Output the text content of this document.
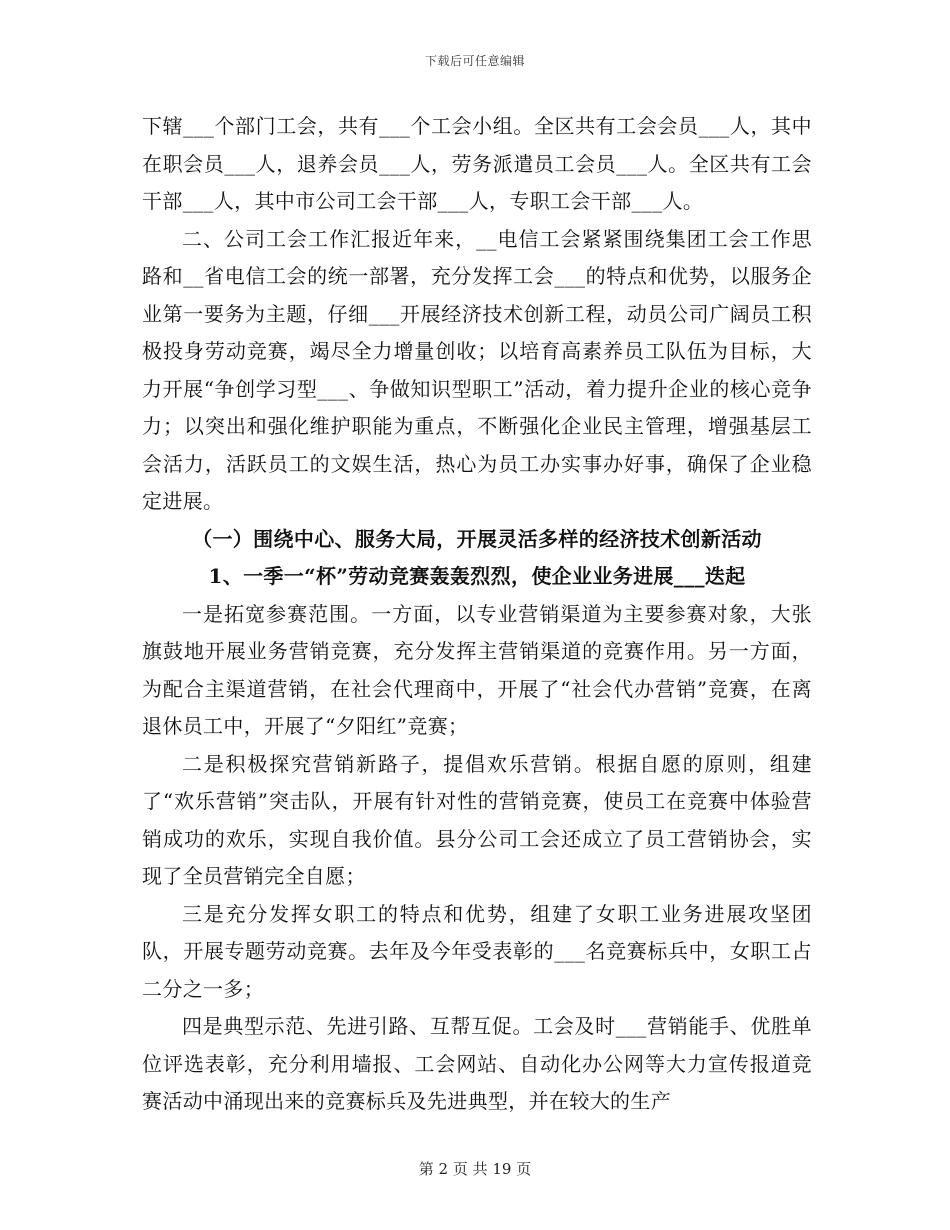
下载后可任意编辑

下辖___个部门工会，共有___个工会小组。全区共有工会会员___人，其中在职会员___人，退养会员___人，劳务派遣员工会员___人。全区共有工会干部___人，其中市公司工会干部___人，专职工会干部___人。

二、公司工会工作汇报近年来，__电信工会紧紧围绕集团工会工作思路和__省电信工会的统一部署，充分发挥工会___的特点和优势，以服务企业第一要务为主题，仔细___开展经济技术创新工程，动员公司广阔员工积极投身劳动竞赛，竭尽全力增量创收；以培育高素养员工队伍为目标，大力开展“争创学习型___、争做知识型职工”活动，着力提升企业的核心竞争力；以突出和强化维护职能为重点，不断强化企业民主管理，增强基层工会活力，活跃员工的文娱生活，热心为员工办实事办好事，确保了企业稳定进展。

（一）围绕中心、服务大局，开展灵活多样的经济技术创新活动

1、一季一“杯”劳动竞赛轰轰烈烈，使企业业务进展___迭起

一是拓宽参赛范围。一方面，以专业营销渠道为主要参赛对象，大张旗鼓地开展业务营销竞赛，充分发挥主营销渠道的竞赛作用。另一方面，为配合主渠道营销，在社会代理商中，开展了“社会代办营销”竞赛，在离退休员工中，开展了“夕阳红”竞赛；

二是积极探究营销新路子，提倡欢乐营销。根据自愿的原则，组建了“欢乐营销”突击队，开展有针对性的营销竞赛，使员工在竞赛中体验营销成功的欢乐，实现自我价值。县分公司工会还成立了员工营销协会，实现了全员营销完全自愿；

三是充分发挥女职工的特点和优势，组建了女职工业务进展攻坚团队，开展专题劳动竞赛。去年及今年受表彰的___名竞赛标兵中，女职工占二分之一多；

四是典型示范、先进引路、互帮互促。工会及时___营销能手、优胜单位评选表彰，充分利用墙报、工会网站、自动化办公网等大力宣传报道竞赛活动中涌现出来的竞赛标兵及先进典型，并在较大的生产

第 2 页 共 19 页
